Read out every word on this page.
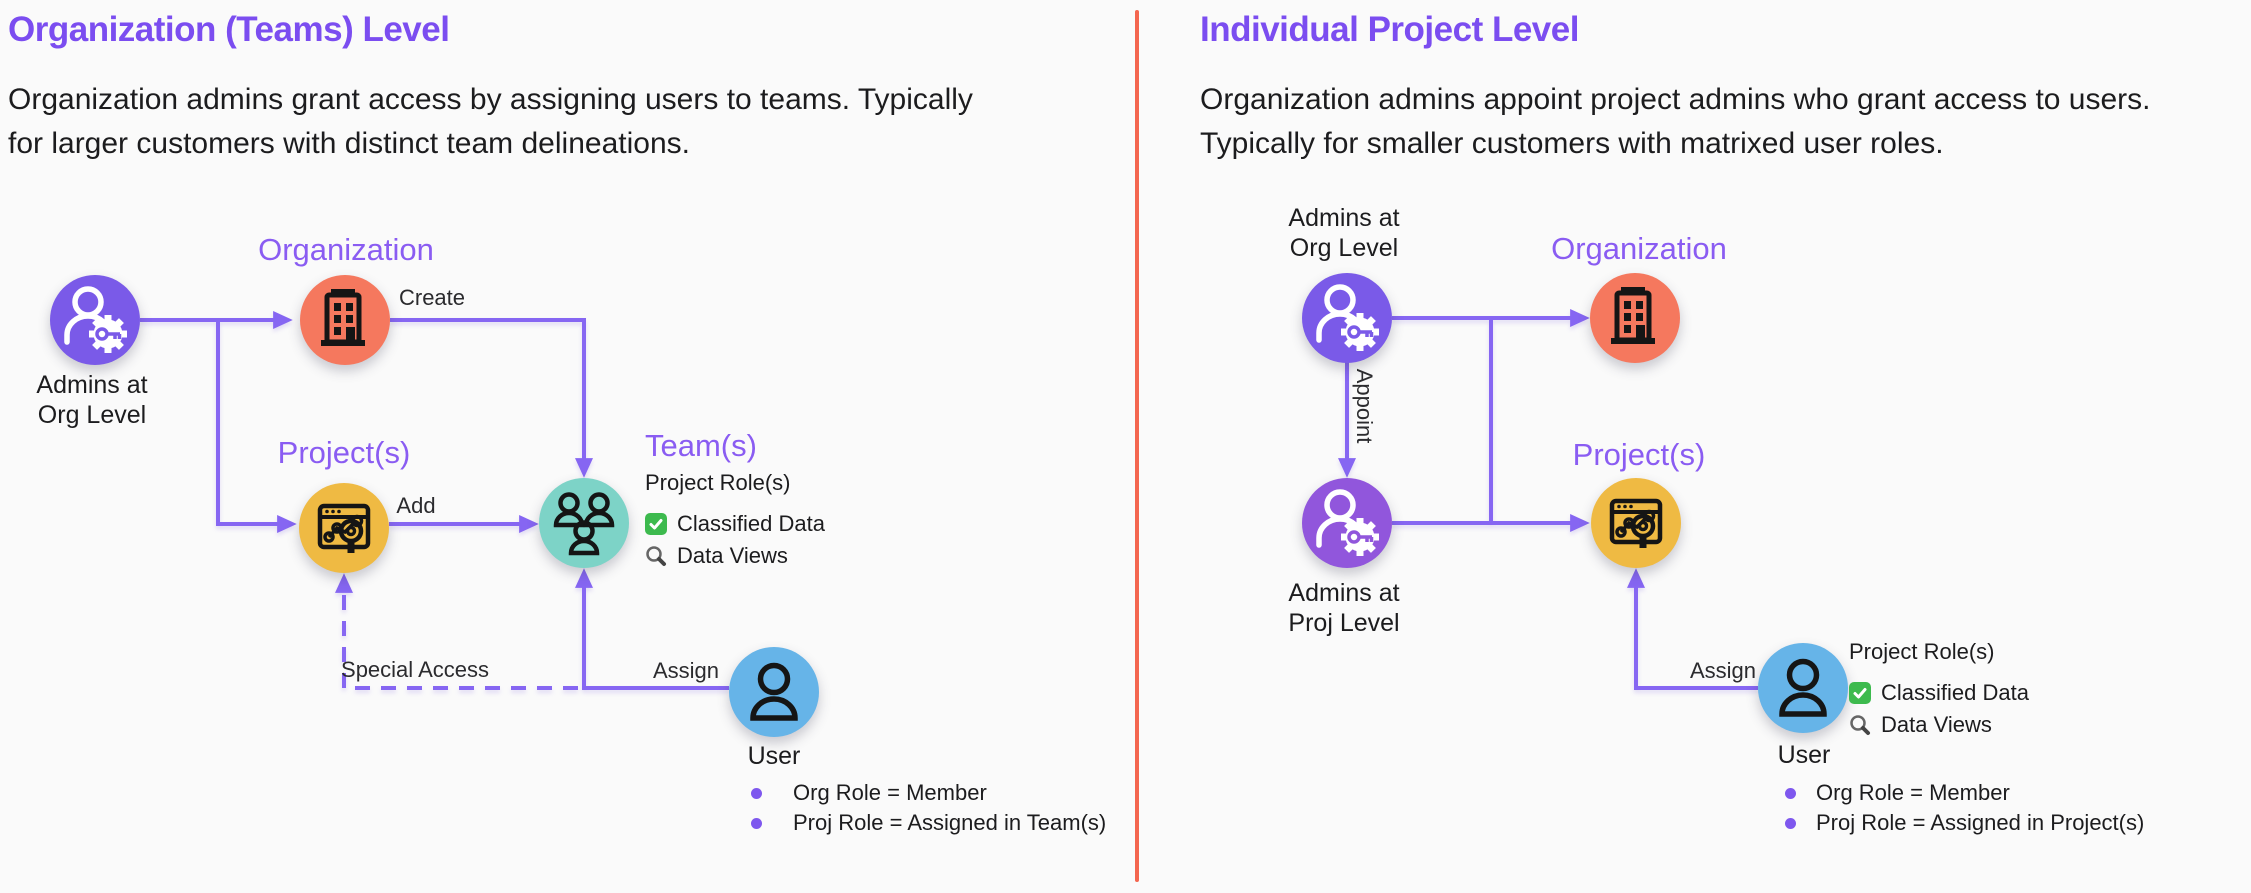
Organization (Teams) Level
Organization admins grant access by assigning users to teams. Typically
for larger customers with distinct team delineations.
Individual Project Level
Organization admins appoint project admins who grant access to users.
Typically for smaller customers with matrixed user roles.
Admins at
Org Level
Organization
Create
Project(s)
Add
Team(s)
Project Role(s)
Classified Data
Data Views
Special Access	Assign
User
Org Role = Member
Proj Role = Assigned in Team(s)
Admins at
Org Level
Appoint
Organization
Admins at
Proj Level
Project(s)
Assign
User
Project Role(s)
Classified Data
Data Views
Org Role = Member
Proj Role = Assigned in Project(s)
